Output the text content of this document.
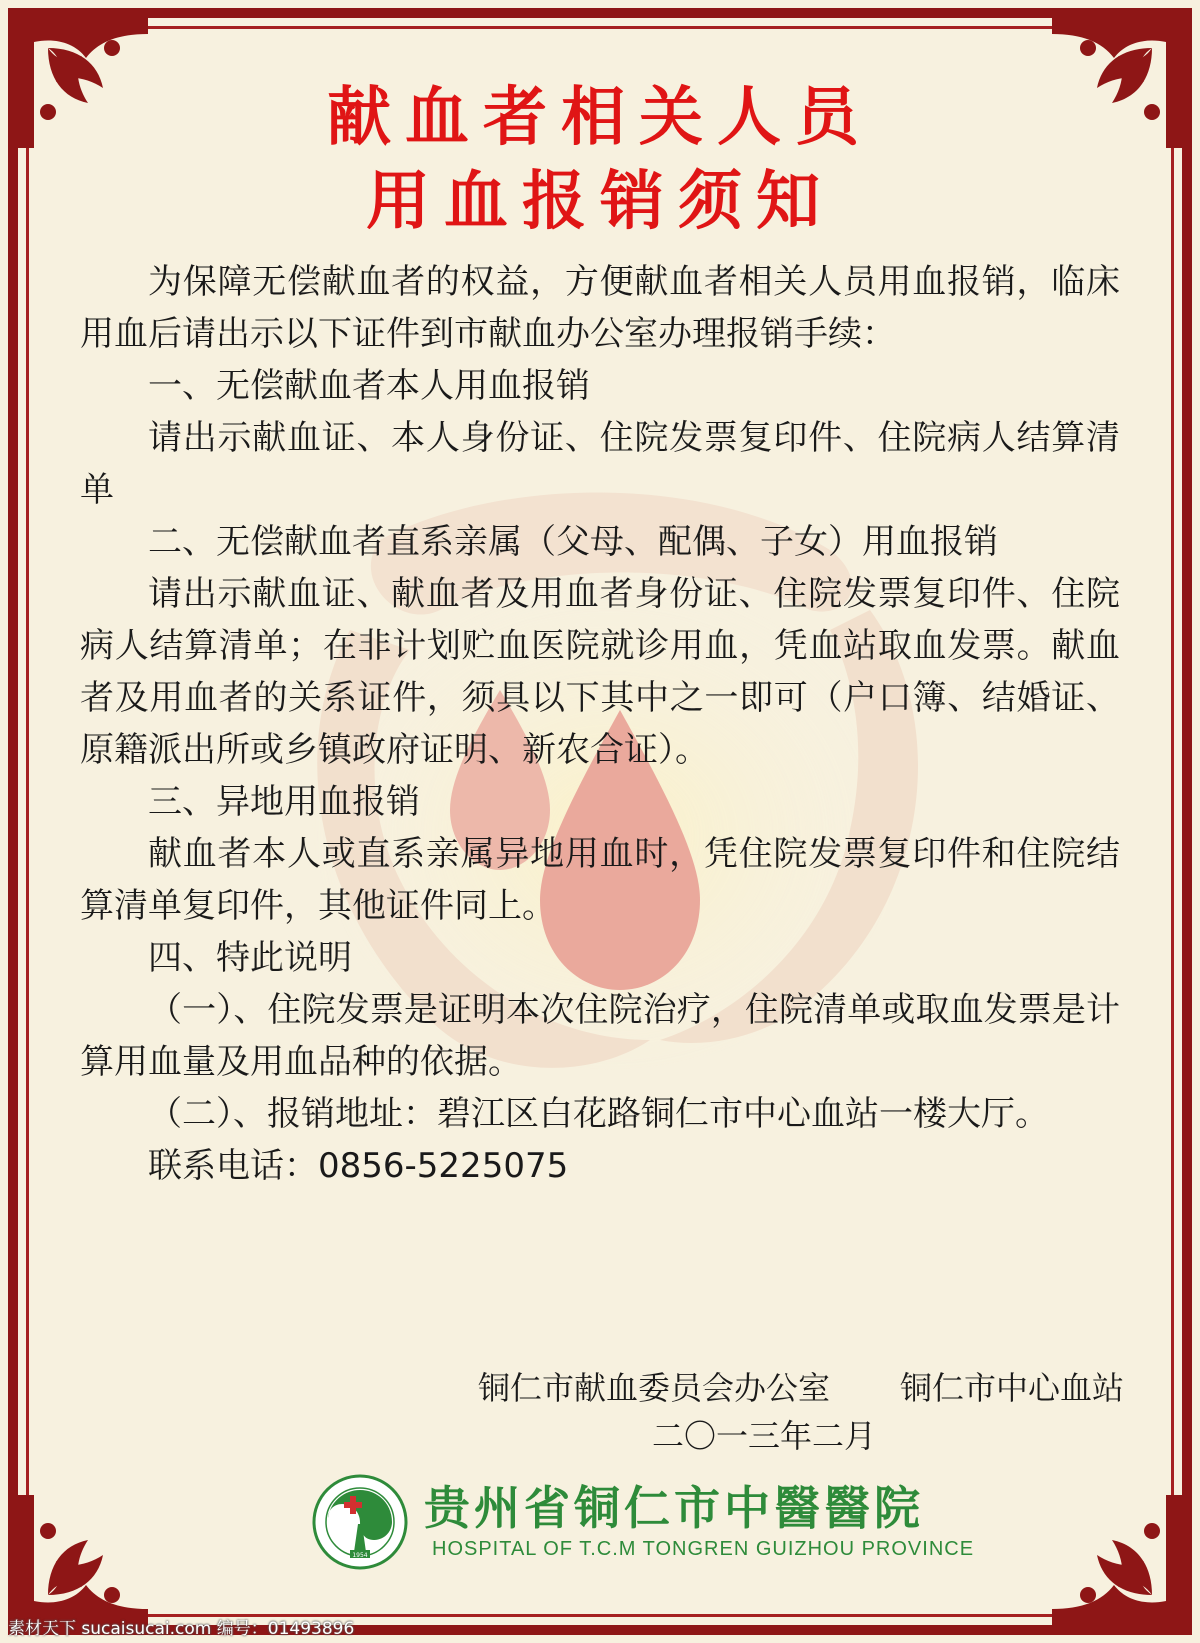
献血者相关人员
用血报销须知

为保障无偿献血者的权益，方便献血者相关人员用血报销，临床用血后请出示以下证件到市献血办公室办理报销手续：

一、无偿献血者本人用血报销

请出示献血证、本人身份证、住院发票复印件、住院病人结算清单

二、无偿献血者直系亲属（父母、配偶、子女）用血报销

请出示献血证、献血者及用血者身份证、住院发票复印件、住院病人结算清单；在非计划贮血医院就诊用血，凭血站取血发票。献血者及用血者的关系证件，须具以下其中之一即可（户口簿、结婚证、原籍派出所或乡镇政府证明、新农合证）。

三、异地用血报销

献血者本人或直系亲属异地用血时，凭住院发票复印件和住院结算清单复印件，其他证件同上。

四、特此说明

（一）、住院发票是证明本次住院治疗，住院清单或取血发票是计算用血量及用血品种的依据。

（二）、报销地址：碧江区白花路铜仁市中心血站一楼大厅。

联系电话：0856-5225075

铜仁市献血委员会办公室 铜仁市中心血站
二〇一三年二月
1954
贵州省铜仁市中醫醫院
HOSPITAL OF T.C.M TONGREN GUIZHOU PROVINCE
素材天下 sucaisucai.com 编号：01493896
